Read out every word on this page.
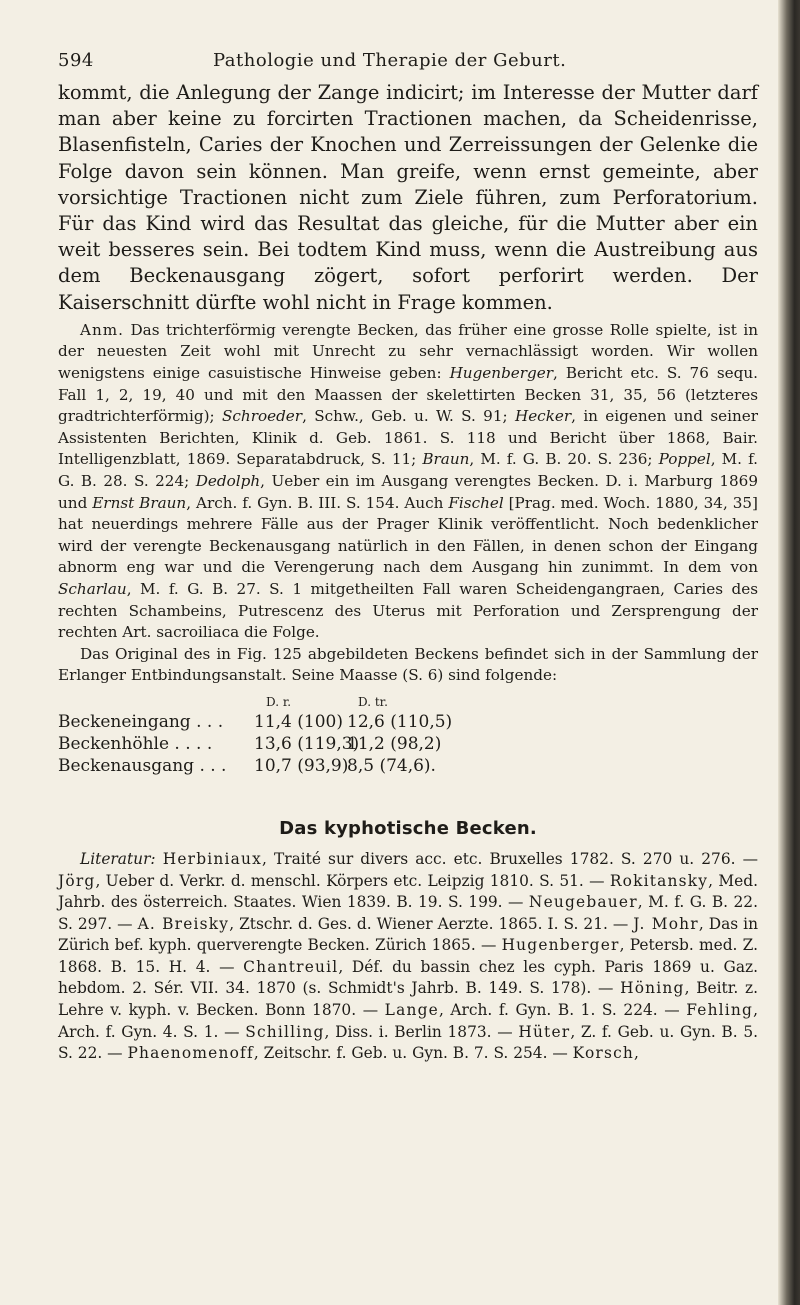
594	Pathologie und Therapie der Geburt.

kommt, die Anlegung der Zange indicirt; im Interesse der Mutter darf man aber keine zu forcirten Tractionen machen, da Scheidenrisse, Blasenfisteln, Caries der Knochen und Zerreissungen der Gelenke die Folge davon sein können. Man greife, wenn ernst gemeinte, aber vorsichtige Tractionen nicht zum Ziele führen, zum Perforatorium. Für das Kind wird das Resultat das gleiche, für die Mutter aber ein weit besseres sein. Bei todtem Kind muss, wenn die Austreibung aus dem Beckenausgang zögert, sofort perforirt werden. Der Kaiserschnitt dürfte wohl nicht in Frage kommen.

Anm. Das trichterförmig verengte Becken, das früher eine grosse Rolle spielte, ist in der neuesten Zeit wohl mit Unrecht zu sehr vernachlässigt worden. Wir wollen wenigstens einige casuistische Hinweise geben: Hugenberger, Bericht etc. S. 76 sequ. Fall 1, 2, 19, 40 und mit den Maassen der skelettirten Becken 31, 35, 56 (letzteres gradtrichterförmig); Schroeder, Schw., Geb. u. W. S. 91; Hecker, in eigenen und seiner Assistenten Berichten, Klinik d. Geb. 1861. S. 118 und Bericht über 1868, Bair. Intelligenzblatt, 1869. Separatabdruck, S. 11; Braun, M. f. G. B. 20. S. 236; Poppel, M. f. G. B. 28. S. 224; Dedolph, Ueber ein im Ausgang verengtes Becken. D. i. Marburg 1869 und Ernst Braun, Arch. f. Gyn. B. III. S. 154. Auch Fischel [Prag. med. Woch. 1880, 34, 35] hat neuerdings mehrere Fälle aus der Prager Klinik veröffentlicht. Noch bedenklicher wird der verengte Beckenausgang natürlich in den Fällen, in denen schon der Eingang abnorm eng war und die Verengerung nach dem Ausgang hin zunimmt. In dem von Scharlau, M. f. G. B. 27. S. 1 mitgetheilten Fall waren Scheidengangraen, Caries des rechten Schambeins, Putrescenz des Uterus mit Perforation und Zersprengung der rechten Art. sacroiliaca die Folge.

Das Original des in Fig. 125 abgebildeten Beckens befindet sich in der Sammlung der Erlanger Entbindungsanstalt. Seine Maasse (S. 6) sind folgende:

D. r.	D. tr.
Beckeneingang . . . 11,4 (100) 12,6 (110,5)
Beckenhöhle . . . . 13,6 (119,3)
11,2 (98,2)
Beckenausgang . . . 10,7 (93,9)
8,5 (74,6).
Das kyphotische Becken.

Literatur: Herbiniaux, Traité sur divers acc. etc. Bruxelles 1782. S. 270 u. 276. — Jörg, Ueber d. Verkr. d. menschl. Körpers etc. Leipzig 1810. S. 51. — Rokitansky, Med. Jahrb. des österreich. Staates. Wien 1839. B. 19. S. 199. — Neugebauer, M. f. G. B. 22. S. 297. — A. Breisky, Ztschr. d. Ges. d. Wiener Aerzte. 1865. I. S. 21. — J. Mohr, Das in Zürich bef. kyph. querverengte Becken. Zürich 1865. — Hugenberger, Petersb. med. Z. 1868. B. 15. H. 4. — Chantreuil, Déf. du bassin chez les cyph. Paris 1869 u. Gaz. hebdom. 2. Sér. VII. 34. 1870 (s. Schmidt's Jahrb. B. 149. S. 178). — Höning, Beitr. z. Lehre v. kyph. v. Becken. Bonn 1870. — Lange, Arch. f. Gyn. B. 1. S. 224. — Fehling, Arch. f. Gyn. 4. S. 1. — Schilling, Diss. i. Berlin 1873. — Hüter, Z. f. Geb. u. Gyn. B. 5. S. 22. — Phaenomenoff, Zeitschr. f. Geb. u. Gyn. B. 7. S. 254. — Korsch,
